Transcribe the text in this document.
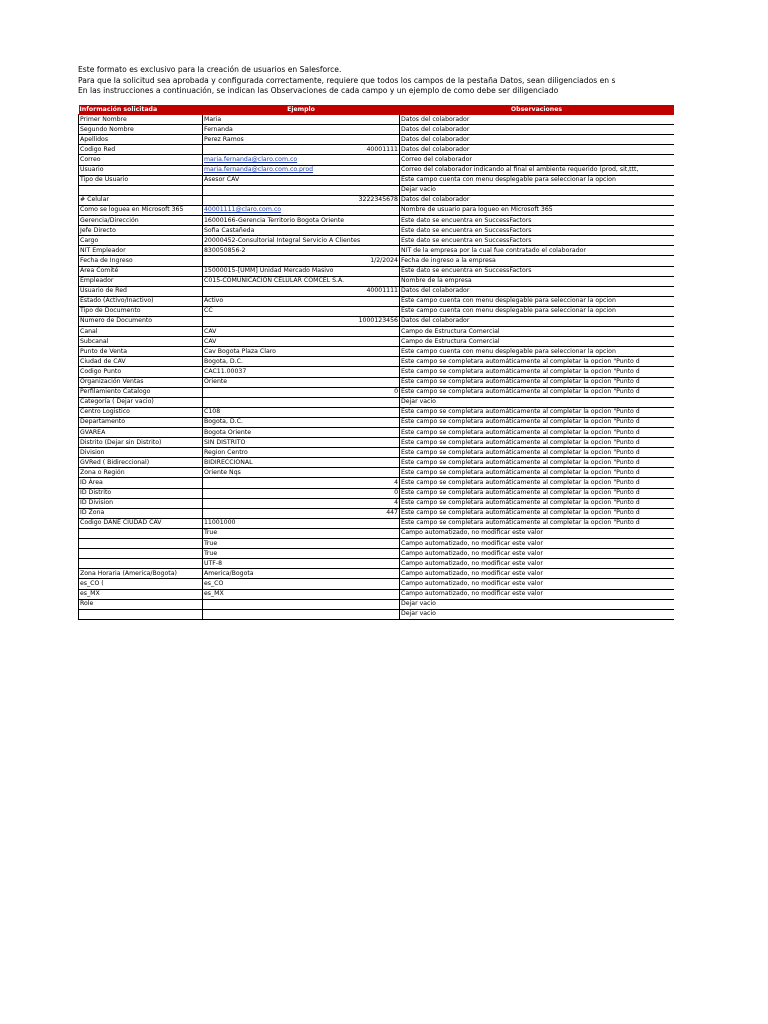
Este formato es exclusivo para la creación de usuarios en Salesforce.
Para que la solicitud sea aprobada y configurada correctamente, requiere que todos los campos de la pestaña Datos, sean diligenciados en s
En las instrucciones a continuación, se indican las Observaciones de cada campo y un ejemplo de como debe ser diligenciado
Información solicitada	Ejemplo	Observaciones
Primer Nombre	Maria	Datos del colaborador
Segundo Nombre	Fernanda	Datos del colaborador
Apellidos	Perez Ramos	Datos del colaborador
Codigo Red	40001111	Datos del colaborador
Correo	maria.fernanda@claro.com.co	Correo del colaborador
Usuario	maria.fernanda@claro.com.co.prod	Correo del colaborador indicando al final el ambiente requerido (prod, sit,ttt,
Tipo de Usuario	Asesor CAV	Este campo cuenta con menu desplegable para seleccionar la opcion
		Dejar vacio
# Celular	3222345678	Datos del colaborador
Como se loguea en Microsoft 365	40001111@claro.com.co	Nombre de usuario para logueo en Microsoft 365
Gerencia/Dirección	16000166-Gerencia Territorio Bogota Oriente	Este dato se encuentra en SuccessFactors
Jefe Directo	Sofia Castañeda	Este dato se encuentra en SuccessFactors
Cargo	20000452-Consultorial Integral Servicio A Clientes	Este dato se encuentra en SuccessFactors
NIT Empleador	830050856-2	NIT de la empresa por la cual fue contratado el colaborador
Fecha de Ingreso	1/2/2024	Fecha de ingreso a la empresa
Área Comité	15000015-[UMM] Unidad Mercado Masivo	Este dato se encuentra en SuccessFactors
Empleador	C015-COMUNICACIÓN CELULAR COMCEL S.A.	Nombre de la empresa
Usuario de Red	40001111	Datos del colaborador
Estado (Activo/Inactivo)	Activo	Este campo cuenta con menu desplegable para seleccionar la opcion
Tipo de Documento	CC	Este campo cuenta con menu desplegable para seleccionar la opcion
Numero de Documento	1000123456	Datos del colaborador
Canal	CAV	Campo de Estructura Comercial
Subcanal	CAV	Campo de Estructura Comercial
Punto de Venta	Cav Bogota Plaza Claro	Este campo cuenta con menu desplegable para seleccionar la opcion
Ciudad de CAV	Bogota, D.C.	Este campo se completara automáticamente al completar la opcion "Punto d
Codigo Punto	CAC11.00037	Este campo se completara automáticamente al completar la opcion "Punto d
Organización Ventas	Oriente	Este campo se completara automáticamente al completar la opcion "Punto d
Perfilamiento Catalogo	0	Este campo se completara automáticamente al completar la opcion "Punto d
Categoría ( Dejar vacio)		Dejar vacio
Centro Logistico	C108	Este campo se completara automáticamente al completar la opcion "Punto d
Departamento	Bogota, D.C.	Este campo se completara automáticamente al completar la opcion "Punto d
GVAREA	Bogota Oriente	Este campo se completara automáticamente al completar la opcion "Punto d
Distrito (Dejar sin Distrito)	SIN DISTRITO	Este campo se completara automáticamente al completar la opcion "Punto d
Division	Region Centro	Este campo se completara automáticamente al completar la opcion "Punto d
GVRed ( Bidireccional)	BIDIRECCIONAL	Este campo se completara automáticamente al completar la opcion "Punto d
Zona o Región	Oriente Nqs	Este campo se completara automáticamente al completar la opcion "Punto d
ID Área	4	Este campo se completara automáticamente al completar la opcion "Punto d
ID Distrito	0	Este campo se completara automáticamente al completar la opcion "Punto d
ID Division	4	Este campo se completara automáticamente al completar la opcion "Punto d
ID Zona	447	Este campo se completara automáticamente al completar la opcion "Punto d
Codigo DANE CIUDAD CAV	11001000	Este campo se completara automáticamente al completar la opcion "Punto d
	True	Campo automatizado, no modificar este valor
	True	Campo automatizado, no modificar este valor
	True	Campo automatizado, no modificar este valor
	UTF-8	Campo automatizado, no modificar este valor
Zona Horaria (America/Bogota)	America/Bogota	Campo automatizado, no modificar este valor
es_CO (	es_CO	Campo automatizado, no modificar este valor
es_MX	es_MX	Campo automatizado, no modificar este valor
Role		Dejar vacio
		Dejar vacio
